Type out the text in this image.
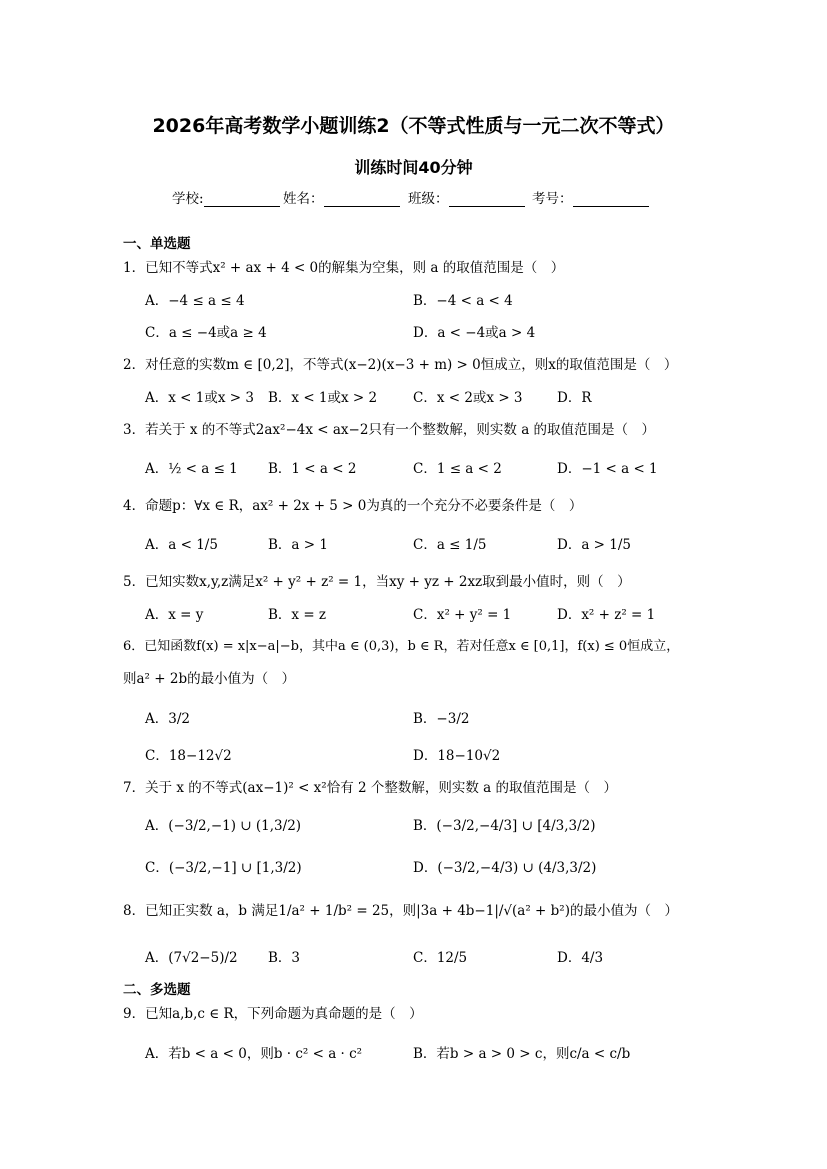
2026年高考数学小题训练2（不等式性质与一元二次不等式）
训练时间40分钟
学校:	姓名：	班级：	考号：
一、单选题
1．已知不等式x² + ax + 4 < 0的解集为空集，则 a 的取值范围是（　）
A．−4 ≤ a ≤ 4	B．−4 < a < 4
C．a ≤ −4或a ≥ 4	D．a < −4或a > 4
2．对任意的实数m ∈ [0,2]，不等式(x−2)(x−3 + m) > 0恒成立，则x的取值范围是（　）
A．x < 1或x > 3 B．x < 1或x > 2	C．x < 2或x > 3	D．R
3．若关于 x 的不等式2ax²−4x < ax−2只有一个整数解，则实数 a 的取值范围是（　）
A．½ < a ≤ 1 B．1 < a < 2	C．1 ≤ a < 2	D．−1 < a < 1
4．命题p：∀x ∈ R，ax² + 2x + 5 > 0为真的一个充分不必要条件是（　）
A．a < 1/5	B．a > 1	C．a ≤ 1/5	D．a > 1/5
5．已知实数x,y,z满足x² + y² + z² = 1，当xy + yz + 2xz取到最小值时，则（　）
A．x = y	B．x = z	C．x² + y² = 1	D．x² + z² = 1
6．已知函数f(x) = x|x−a|−b，其中a ∈ (0,3)，b ∈ R，若对任意x ∈ [0,1]，f(x) ≤ 0恒成立，
则a² + 2b的最小值为（　）
A．3/2	B．−3/2
C．18−12√2	D．18−10√2
7．关于 x 的不等式(ax−1)² < x²恰有 2 个整数解，则实数 a 的取值范围是（　）
A．(−3/2,−1) ∪ (1,3/2)	B．(−3/2,−4/3] ∪ [4/3,3/2)
C．(−3/2,−1] ∪ [1,3/2)	D．(−3/2,−4/3) ∪ (4/3,3/2)
8．已知正实数 a，b 满足1/a² + 1/b² = 25，则|3a + 4b−1|/√(a² + b²)的最小值为（　）
A．(7√2−5)/2 B．3	C．12/5	D．4/3
二、多选题
9．已知a,b,c ∈ R，下列命题为真命题的是（　）
A．若b < a < 0，则b · c² < a · c²	B．若b > a > 0 > c，则c/a < c/b
